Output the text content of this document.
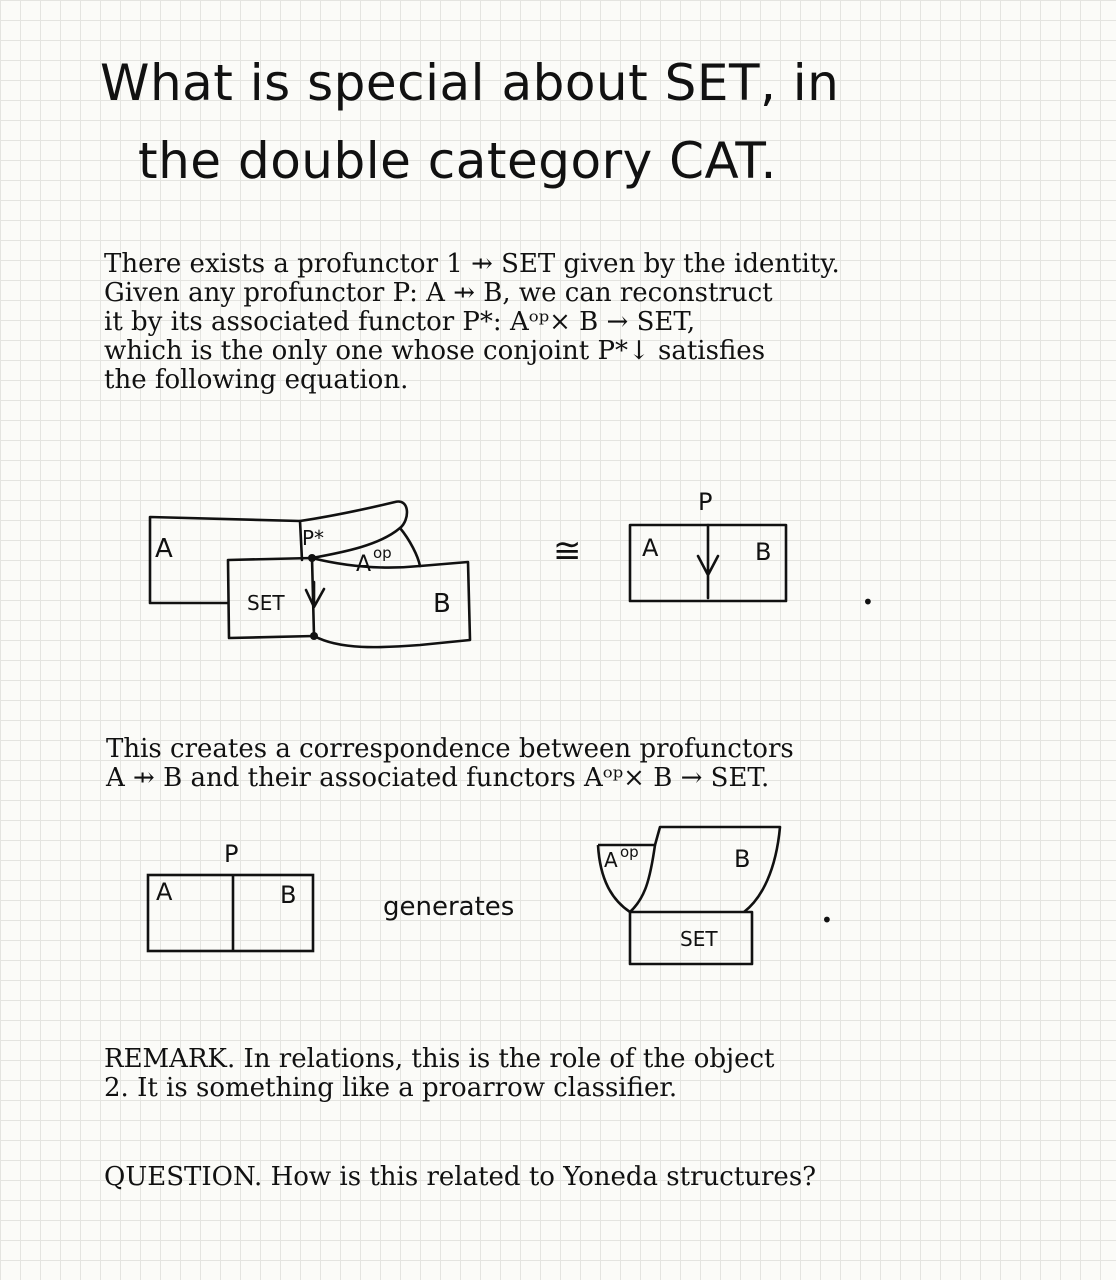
What is special about SET, in
the double category CAT.
There exists a profunctor 1 ⇸ SET given by the identity.
Given any profunctor P: A ⇸ B, we can reconstruct
it by its associated functor P*: Aᵒᵖ× B → SET,
which is the only one whose conjoint P*↓ satisfies
the following equation.
A	P*
A op
SET	B
≅
P
A	B
•
P
A	B	generates
A op	B
SET
•
This creates a correspondence between profunctors
A ⇸ B and their associated functors Aᵒᵖ× B → SET.
REMARK. In relations, this is the role of the object
2. It is something like a proarrow classifier.
QUESTION. How is this related to Yoneda structures?
